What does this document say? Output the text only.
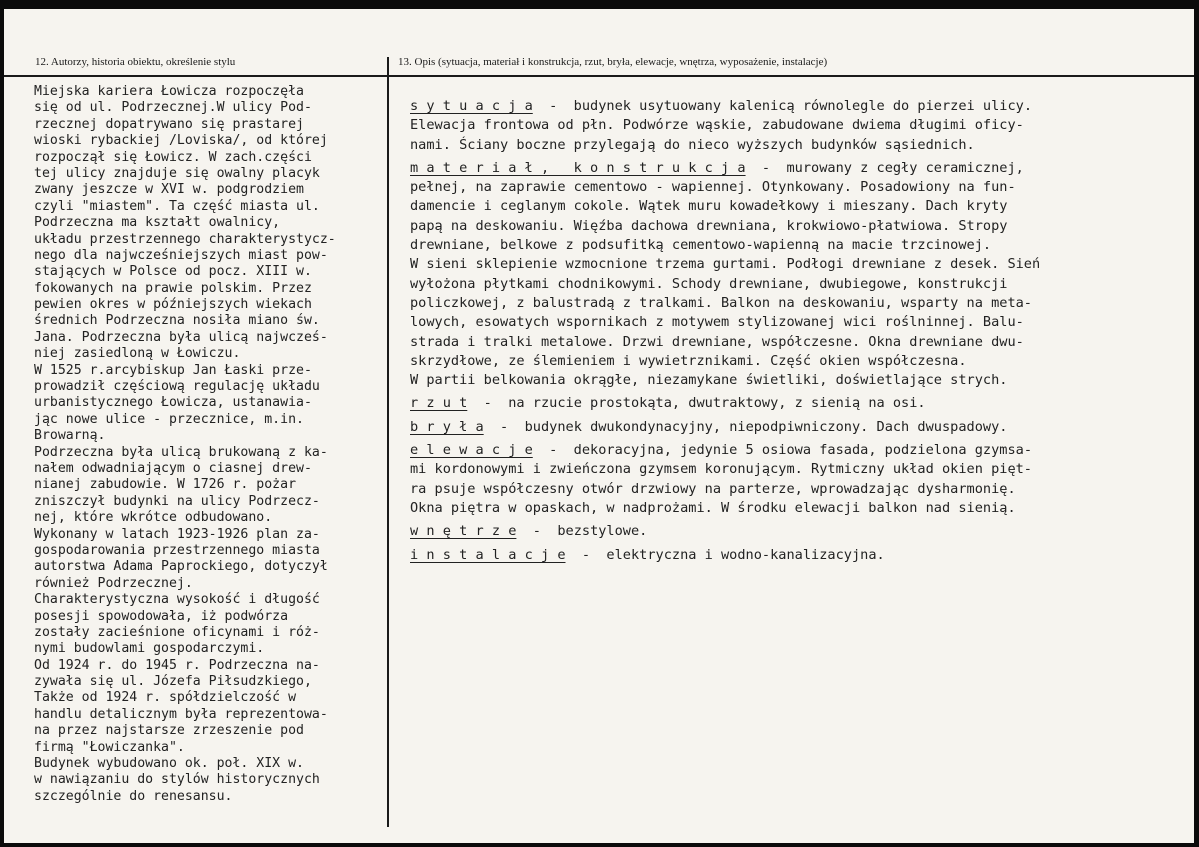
12. Autorzy, historia obiektu, określenie stylu	13. Opis (sytuacja, materiał i konstrukcja, rzut, bryła, elewacje, wnętrza, wyposażenie, instalacje)
Miejska kariera Łowicza rozpoczęła
się od ul. Podrzecznej.W ulicy Pod-
rzecznej dopatrywano się prastarej
wioski rybackiej /Loviska/, od której
rozpoczął się Łowicz. W zach.części
tej ulicy znajduje się owalny placyk
zwany jeszcze w XVI w. podgrodziem
czyli "miastem". Ta część miasta ul.
Podrzeczna ma kształt owalnicy,
układu przestrzennego charakterystycz-
nego dla najwcześniejszych miast pow-
stających w Polsce od pocz. XIII w.
fokowanych na prawie polskim. Przez
pewien okres w późniejszych wiekach
średnich Podrzeczna nosiła miano św.
Jana. Podrzeczna była ulicą najwcześ-
niej zasiedloną w Łowiczu.
W 1525 r.arcybiskup Jan Łaski prze-
prowadził częściową regulację układu
urbanistycznego Łowicza, ustanawia-
jąc nowe ulice - przecznice, m.in.
Browarną.
Podrzeczna była ulicą brukowaną z ka-
nałem odwadniającym o ciasnej drew-
nianej zabudowie. W 1726 r. pożar
zniszczył budynki na ulicy Podrzecz-
nej, które wkrótce odbudowano.
Wykonany w latach 1923-1926 plan za-
gospodarowania przestrzennego miasta
autorstwa Adama Paprockiego, dotyczył
również Podrzecznej.
Charakterystyczna wysokość i długość
posesji spowodowała, iż podwórza
zostały zacieśnione oficynami i róż-
nymi budowlami gospodarczymi.
Od 1924 r. do 1945 r. Podrzeczna na-
zywała się ul. Józefa Piłsudzkiego,
Także od 1924 r. spółdzielczość w
handlu detalicznym była reprezentowa-
na przez najstarsze zrzeszenie pod
firmą "Łowiczanka".
Budynek wybudowano ok. poł. XIX w.
w nawiązaniu do stylów historycznych
szczególnie do renesansu.
s y t u a c j a  -  budynek usytuowany kalenicą równolegle do pierzei ulicy.
Elewacja frontowa od płn. Podwórze wąskie, zabudowane dwiema długimi oficy-
nami. Ściany boczne przylegają do nieco wyższych budynków sąsiednich.
m a t e r i a ł ,   k o n s t r u k c j a  -  murowany z cegły ceramicznej,
pełnej, na zaprawie cementowo - wapiennej. Otynkowany. Posadowiony na fun-
damencie i ceglanym cokole. Wątek muru kowadełkowy i mieszany. Dach kryty
papą na deskowaniu. Więźba dachowa drewniana, krokwiowo-płatwiowa. Stropy
drewniane, belkowe z podsufitką cementowo-wapienną na macie trzcinowej.
W sieni sklepienie wzmocnione trzema gurtami. Podłogi drewniane z desek. Sień
wyłożona płytkami chodnikowymi. Schody drewniane, dwubiegowe, konstrukcji
policzkowej, z balustradą z tralkami. Balkon na deskowaniu, wsparty na meta-
lowych, esowatych wspornikach z motywem stylizowanej wici roślninnej. Balu-
strada i tralki metalowe. Drzwi drewniane, współczesne. Okna drewniane dwu-
skrzydłowe, ze ślemieniem i wywietrznikami. Część okien współczesna.
W partii belkowania okrągłe, niezamykane świetliki, doświetlające strych.
r z u t  -  na rzucie prostokąta, dwutraktowy, z sienią na osi.
b r y ł a  -  budynek dwukondynacyjny, niepodpiwniczony. Dach dwuspadowy.
e l e w a c j e  -  dekoracyjna, jedynie 5 osiowa fasada, podzielona gzymsa-
mi kordonowymi i zwieńczona gzymsem koronującym. Rytmiczny układ okien pięt-
ra psuje współczesny otwór drzwiowy na parterze, wprowadzając dysharmonię.
Okna piętra w opaskach, w nadprożami. W środku elewacji balkon nad sienią.
w n ę t r z e  -  bezstylowe.
i n s t a l a c j e  -  elektryczna i wodno-kanalizacyjna.
